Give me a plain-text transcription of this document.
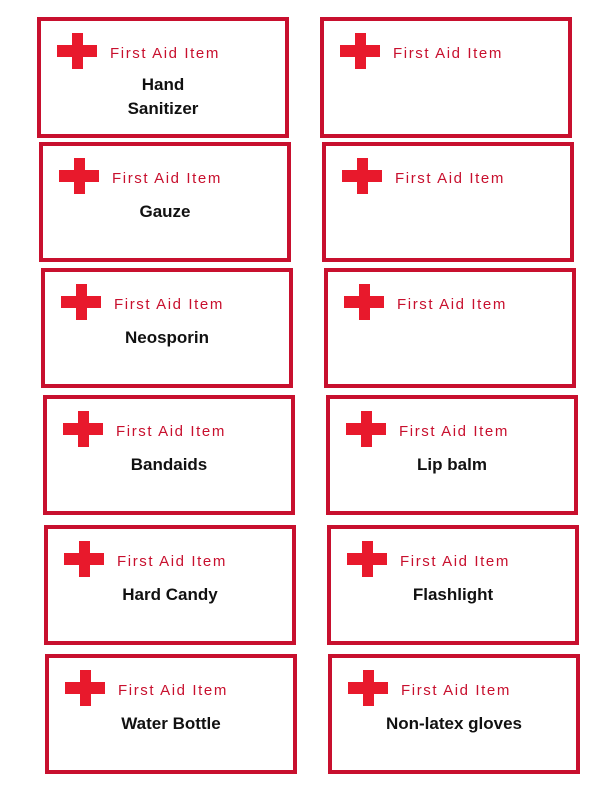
First Aid Item
Hand
Sanitizer
First Aid Item
First Aid Item
Gauze
First Aid Item
First Aid Item
Neosporin
First Aid Item
First Aid Item
Bandaids
First Aid Item
Lip balm
First Aid Item
Hard Candy
First Aid Item
Flashlight
First Aid Item
Water Bottle
First Aid Item
Non-latex gloves
